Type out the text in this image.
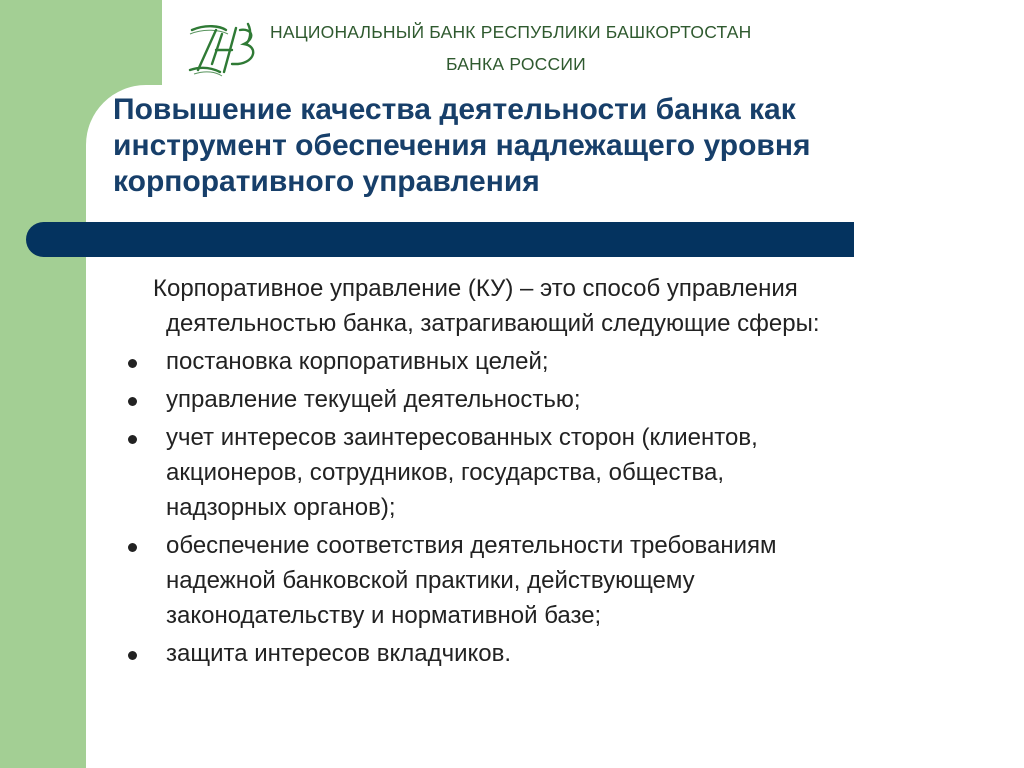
НАЦИОНАЛЬНЫЙ БАНК РЕСПУБЛИКИ БАШКОРТОСТАН
БАНКА РОССИИ
Повышение качества деятельности банка как
инструмент обеспечения надлежащего уровня
корпоративного управления
Корпоративное управление (КУ) – это способ управления
деятельностью банка, затрагивающий следующие сферы:
постановка корпоративных целей;
управление текущей деятельностью;
учет интересов заинтересованных сторон (клиентов,
акционеров, сотрудников, государства, общества,
надзорных органов);
обеспечение соответствия деятельности требованиям
надежной банковской практики, действующему
законодательству и нормативной базе;
защита интересов вкладчиков.
